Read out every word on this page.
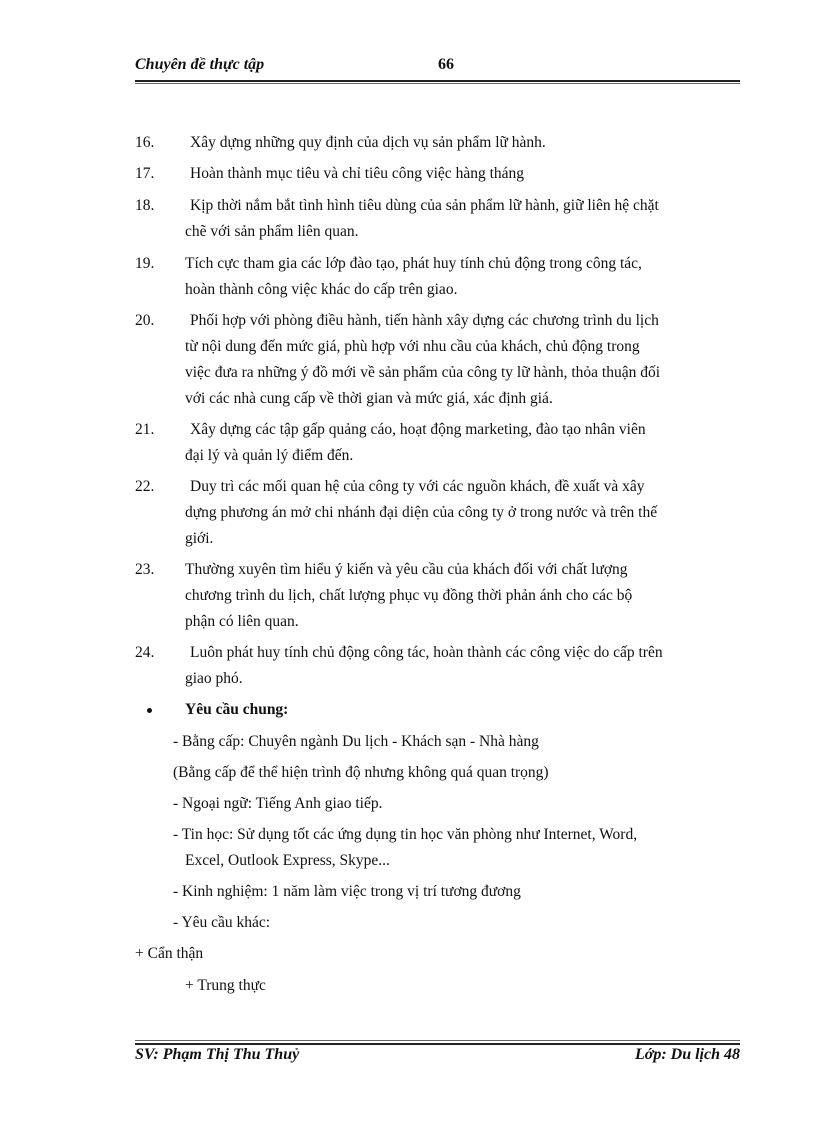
Chuyên đề thực tập	66
16. Xây dựng những quy định của dịch vụ sản phẩm lữ hành.
17. Hoàn thành mục tiêu và chỉ tiêu công việc hàng tháng
18. Kịp thời nắm bắt tình hình tiêu dùng của sản phẩm lữ hành, giữ liên hệ chặt
chẽ với sản phẩm liên quan.
19. Tích cực tham gia các lớp đào tạo, phát huy tính chủ động trong công tác,
hoàn thành công việc khác do cấp trên giao.
20. Phối hợp với phòng điều hành, tiến hành xây dựng các chương trình du lịch
từ nội dung đến mức giá, phù hợp với nhu cầu của khách, chủ động trong
việc đưa ra những ý đồ mới về sản phẩm của công ty lữ hành, thỏa thuận đối
với các nhà cung cấp về thời gian và mức giá, xác định giá.
21. Xây dựng các tập gấp quảng cáo, hoạt động marketing, đào tạo nhân viên
đại lý và quản lý điểm đến.
22. Duy trì các mối quan hệ của công ty với các nguồn khách, đề xuất và xây
dựng phương án mở chi nhánh đại diện của công ty ở trong nước và trên thế
giới.
23. Thường xuyên tìm hiểu ý kiến và yêu cầu của khách đối với chất lượng
chương trình du lịch, chất lượng phục vụ đồng thời phản ánh cho các bộ
phận có liên quan.
24. Luôn phát huy tính chủ động công tác, hoàn thành các công việc do cấp trên
giao phó.
Yêu cầu chung:
- Bằng cấp: Chuyên ngành Du lịch - Khách sạn - Nhà hàng
(Bằng cấp để thể hiện trình độ nhưng không quá quan trọng)
- Ngoại ngữ: Tiếng Anh giao tiếp.
- Tin học: Sử dụng tốt các ứng dụng tin học văn phòng như Internet, Word,
Excel, Outlook Express, Skype...
- Kinh nghiệm: 1 năm làm việc trong vị trí tương đương
- Yêu cầu khác:
+ Cẩn thận
+ Trung thực
SV: Phạm Thị Thu Thuỷ	Lớp: Du lịch 48
